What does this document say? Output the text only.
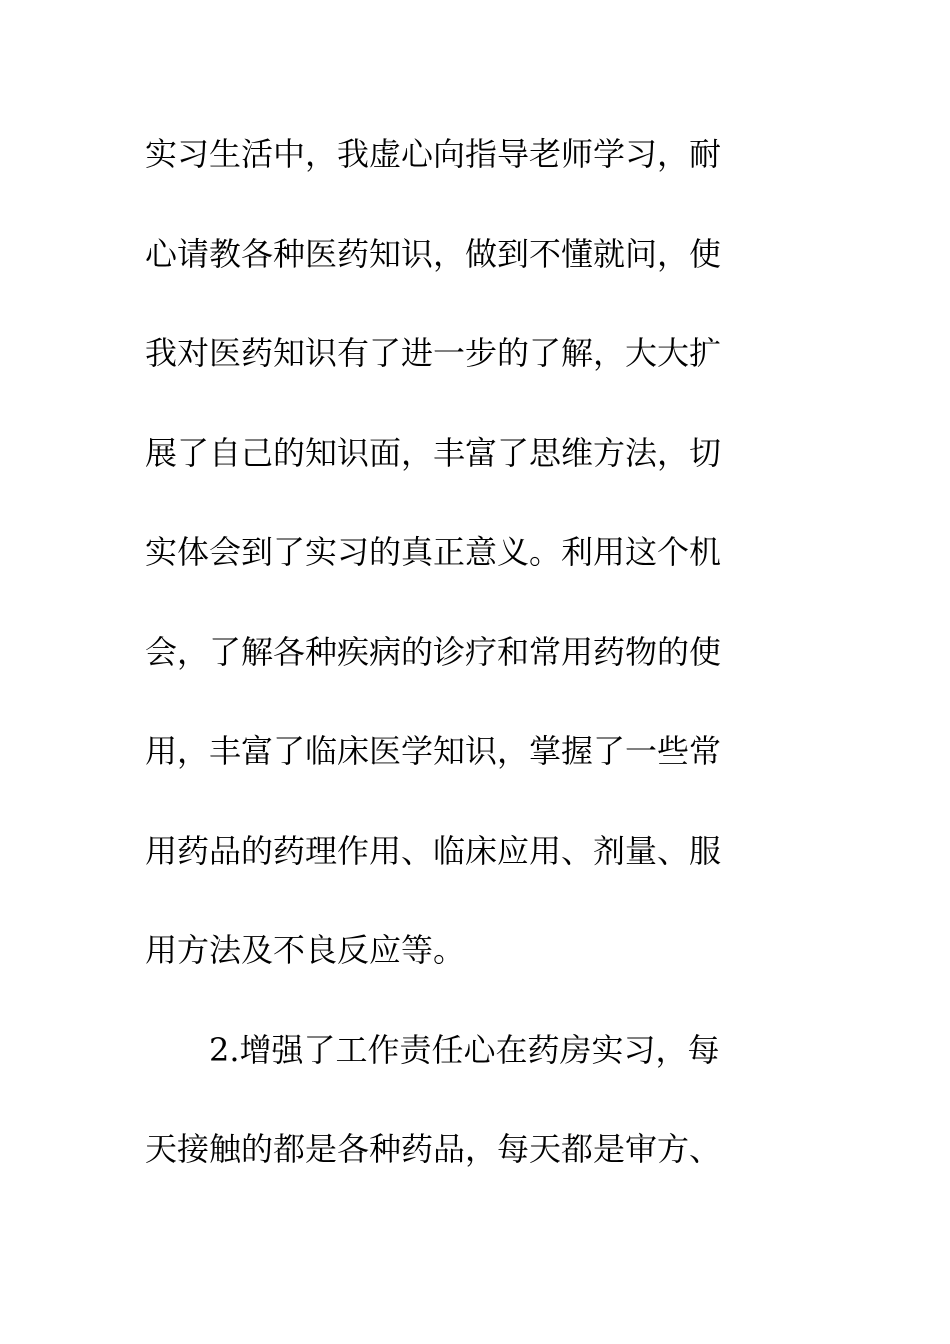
实习生活中，我虚心向指导老师学习，耐
心请教各种医药知识，做到不懂就问，使
我对医药知识有了进一步的了解，大大扩
展了自己的知识面，丰富了思维方法，切
实体会到了实习的真正意义。利用这个机
会，了解各种疾病的诊疗和常用药物的使
用，丰富了临床医学知识，掌握了一些常
用药品的药理作用、临床应用、剂量、服
用方法及不良反应等。
　　2.增强了工作责任心在药房实习，每
天接触的都是各种药品，每天都是审方、
